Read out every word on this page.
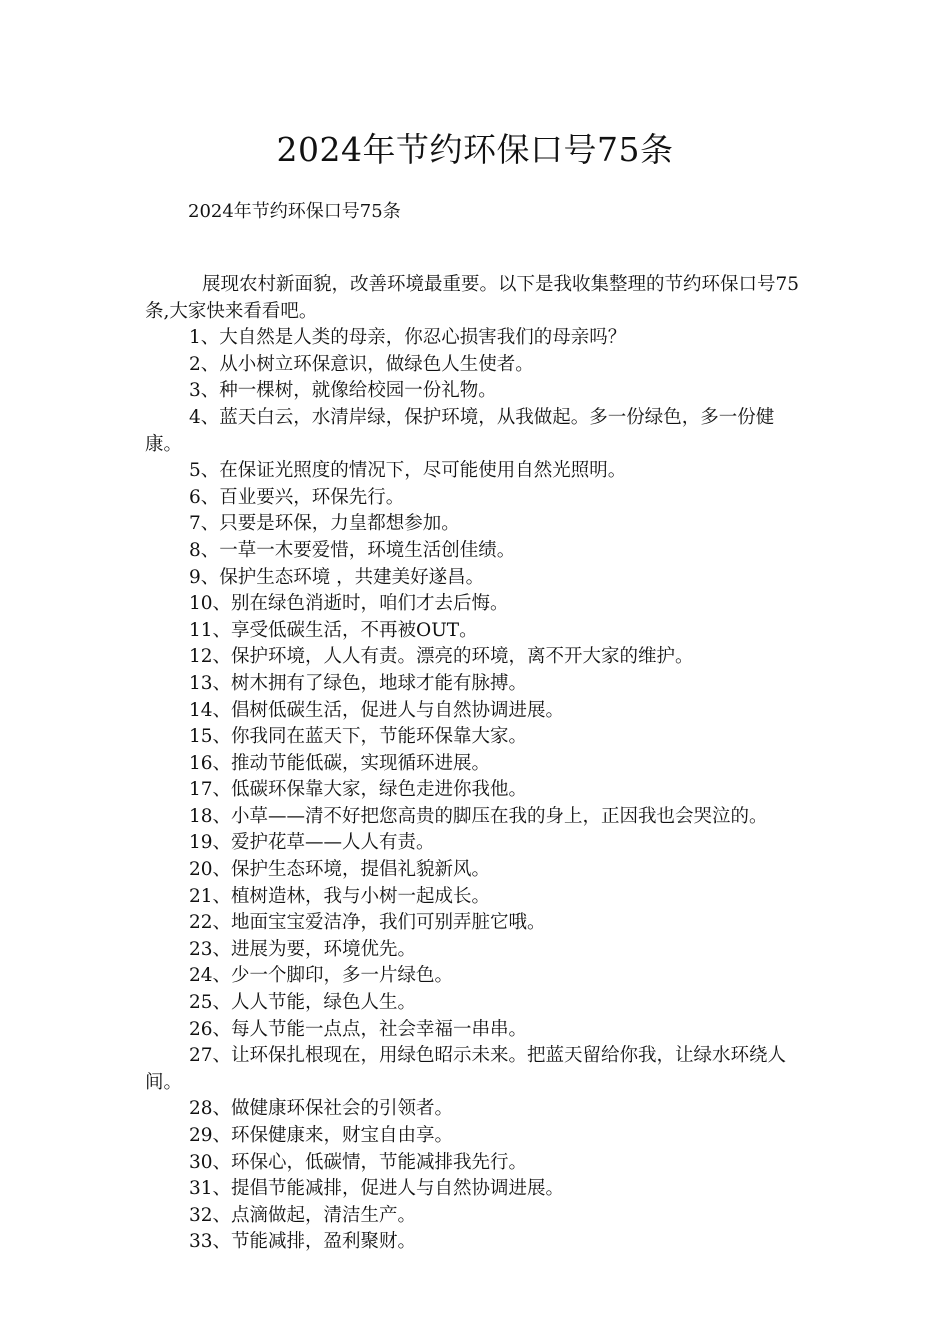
2024年节约环保口号75条

2024年节约环保口号75条

展现农村新面貌，改善环境最重要。以下是我收集整理的节约环保口号75条,大家快来看看吧。

1、大自然是人类的母亲，你忍心损害我们的母亲吗？

2、从小树立环保意识，做绿色人生使者。

3、种一棵树，就像给校园一份礼物。

4、蓝天白云，水清岸绿，保护环境，从我做起。多一份绿色，多一份健康。

5、在保证光照度的情况下，尽可能使用自然光照明。

6、百业要兴，环保先行。

7、只要是环保，力皇都想参加。

8、一草一木要爱惜，环境生活创佳绩。

9、保护生态环境 ，共建美好遂昌。

10、别在绿色消逝时，咱们才去后悔。

11、享受低碳生活，不再被OUT。

12、保护环境，人人有责。漂亮的环境，离不开大家的维护。

13、树木拥有了绿色，地球才能有脉搏。

14、倡树低碳生活，促进人与自然协调进展。

15、你我同在蓝天下，节能环保靠大家。

16、推动节能低碳，实现循环进展。

17、低碳环保靠大家，绿色走进你我他。

18、小草——清不好把您高贵的脚压在我的身上，正因我也会哭泣的。

19、爱护花草——人人有责。

20、保护生态环境，提倡礼貌新风。

21、植树造林，我与小树一起成长。

22、地面宝宝爱洁净，我们可别弄脏它哦。

23、进展为要，环境优先。

24、少一个脚印，多一片绿色。

25、人人节能，绿色人生。

26、每人节能一点点，社会幸福一串串。

27、让环保扎根现在，用绿色昭示未来。把蓝天留给你我，让绿水环绕人间。

28、做健康环保社会的引领者。

29、环保健康来，财宝自由享。

30、环保心，低碳情，节能减排我先行。

31、提倡节能减排，促进人与自然协调进展。

32、点滴做起，清洁生产。

33、节能减排，盈利聚财。
